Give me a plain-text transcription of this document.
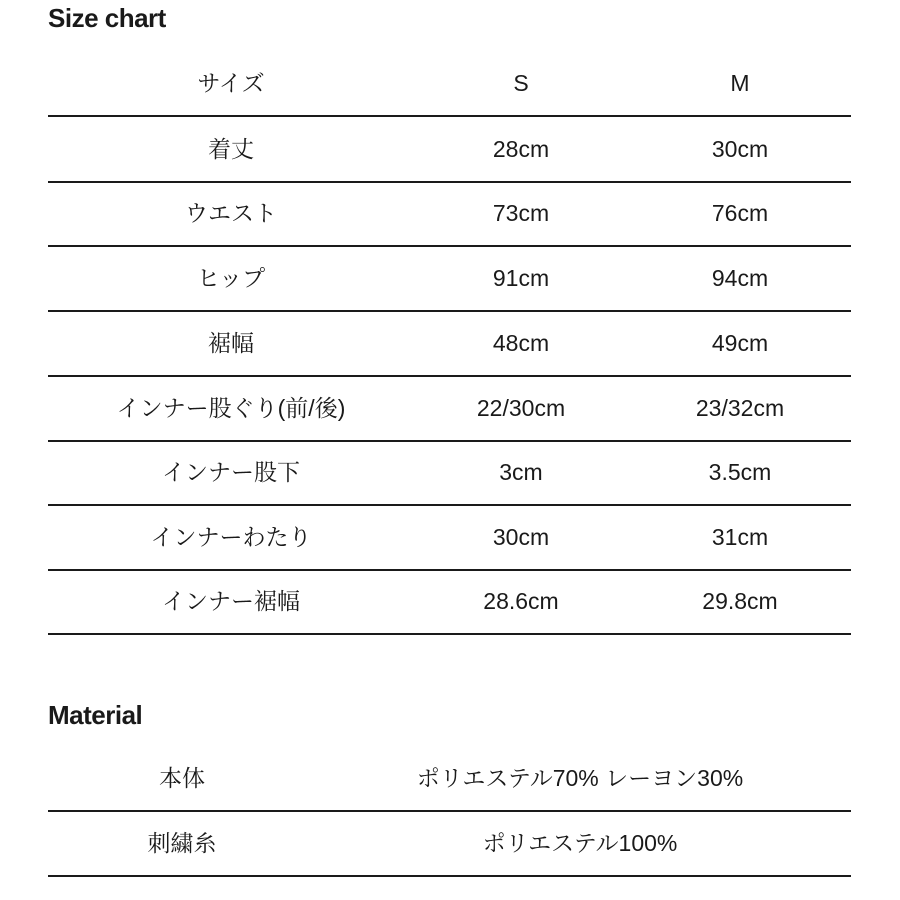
Size chart
サイズ	S	M
着丈	28cm	30cm
ウエスト	73cm	76cm
ヒップ	91cm	94cm
裾幅	48cm	49cm
インナー股ぐり(前/後)	22/30cm	23/32cm
インナー股下	3cm	3.5cm
インナーわたり	30cm	31cm
インナー裾幅	28.6cm	29.8cm
Material
本体	ポリエステル70% レーヨン30%
刺繍糸	ポリエステル100%
